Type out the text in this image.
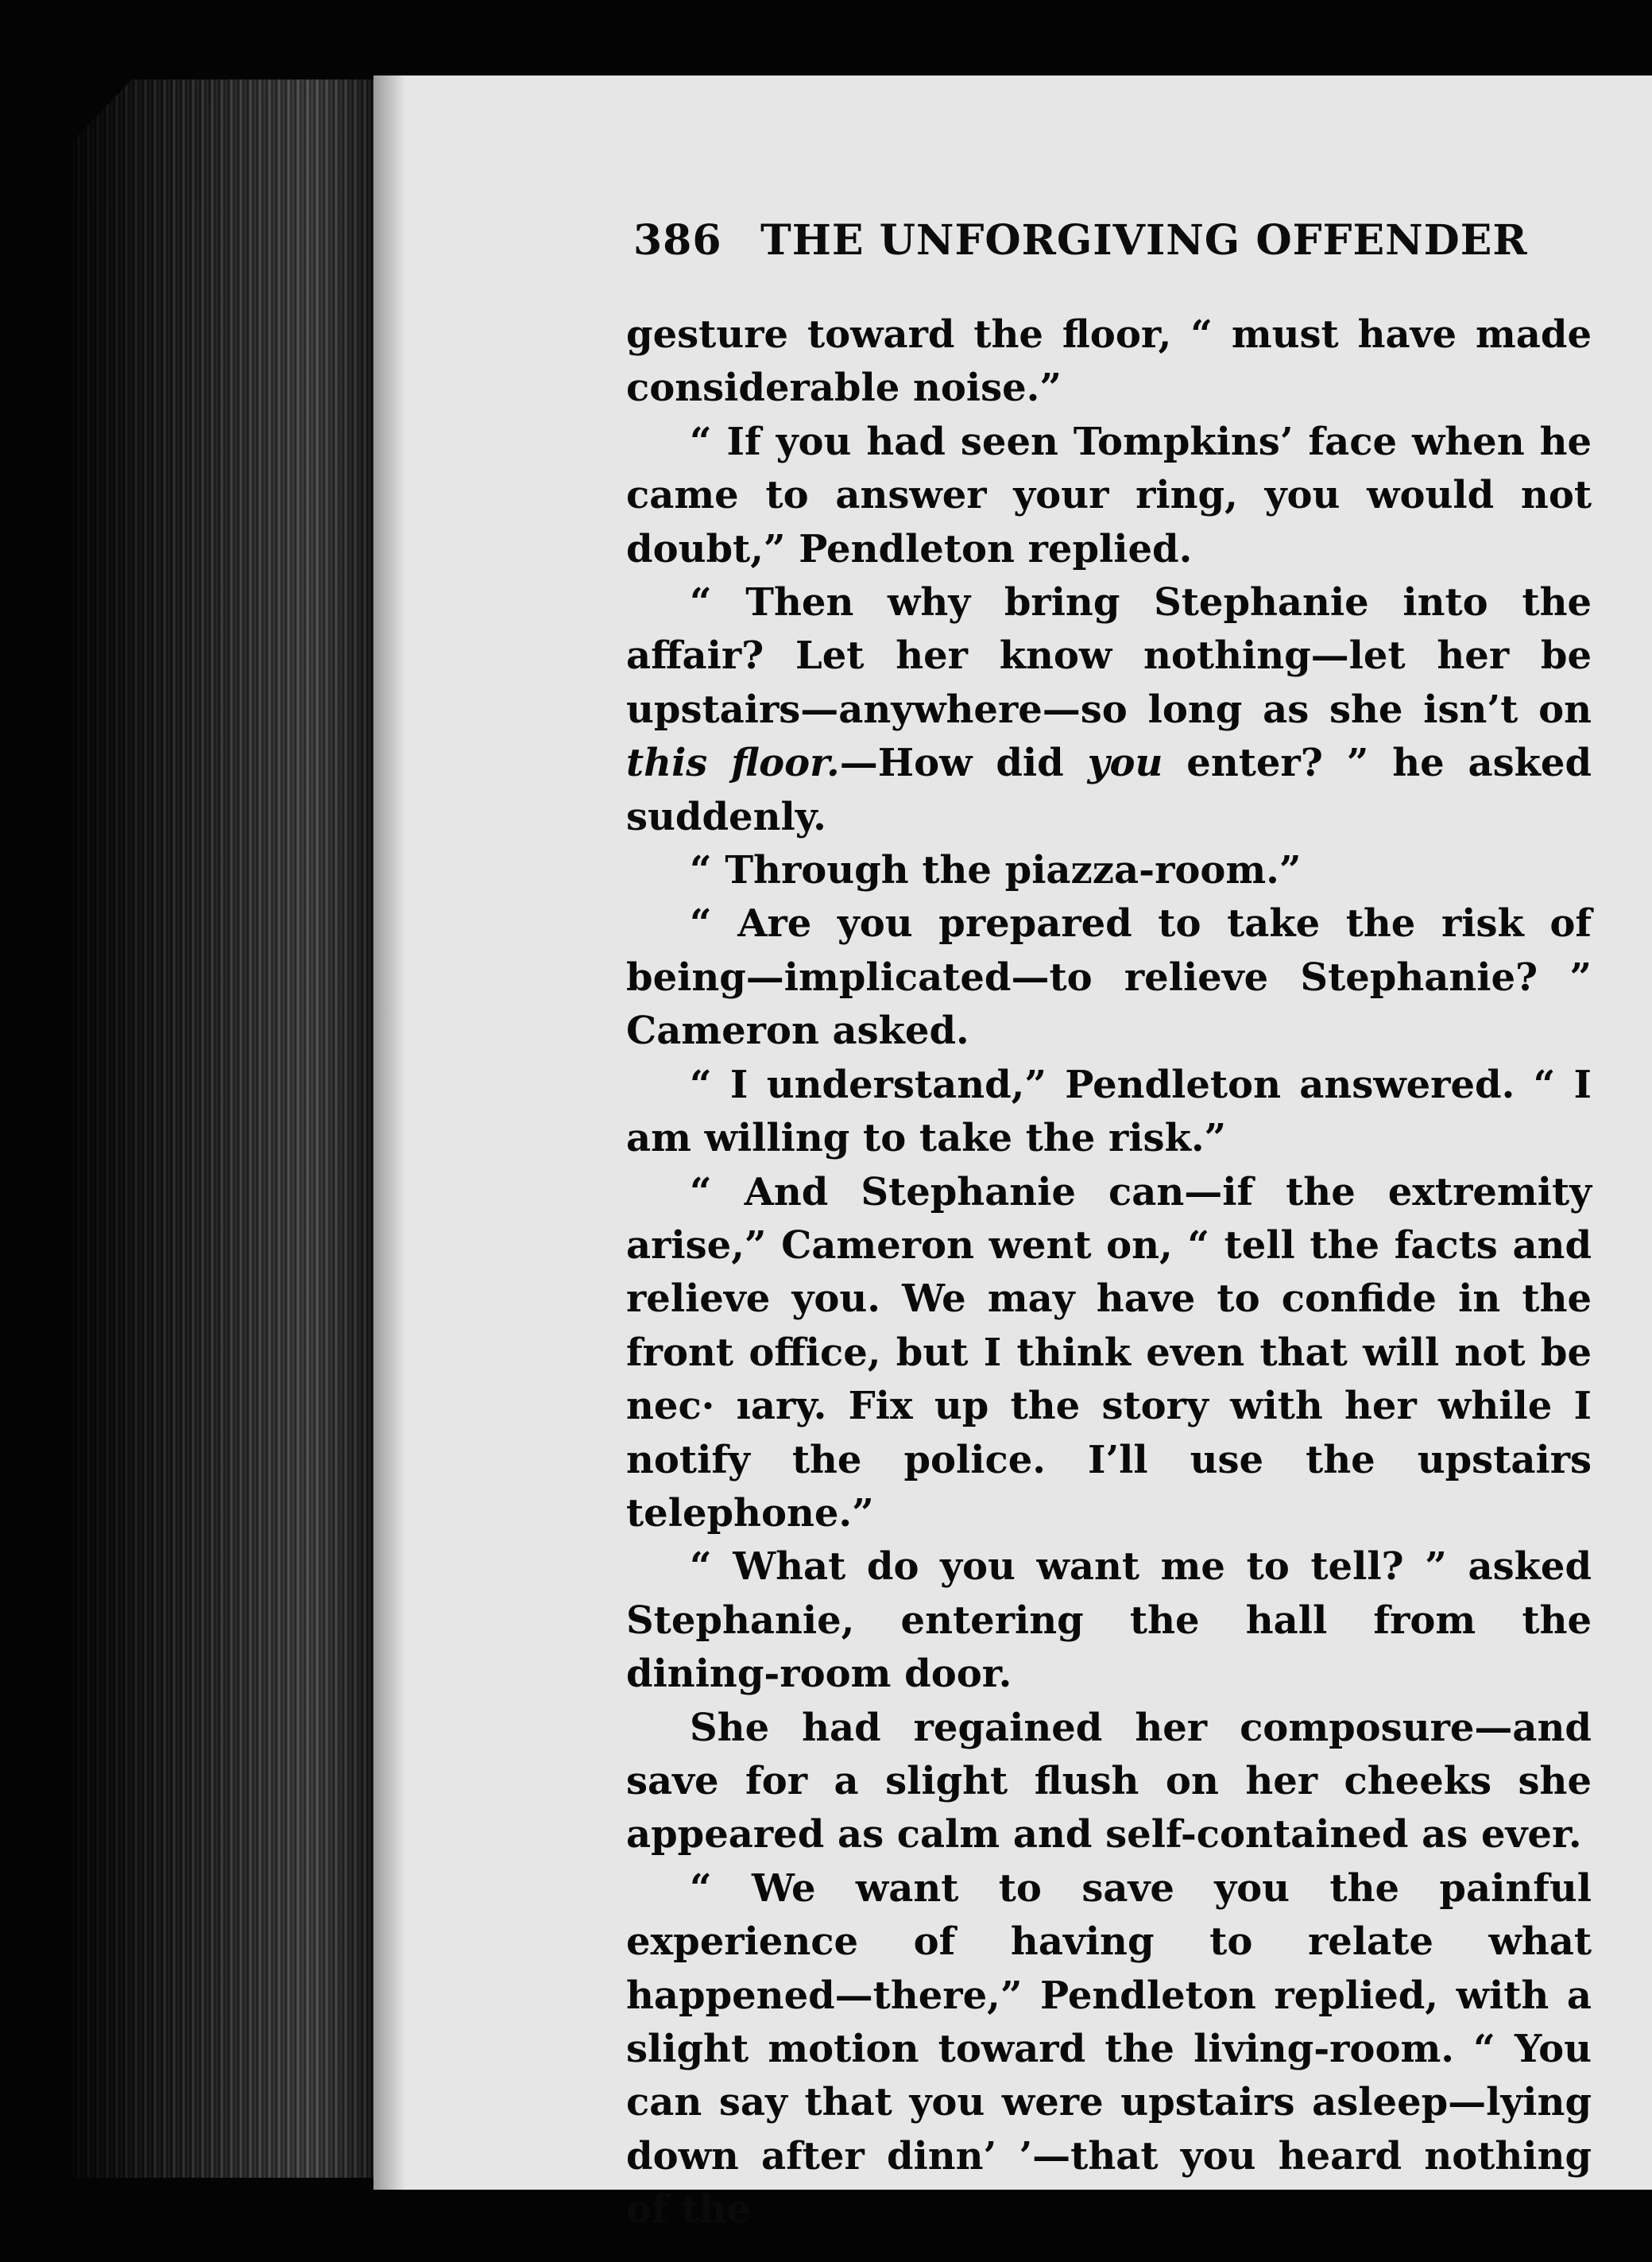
386 THE UNFORGIVING OFFENDER

gesture toward the floor, “ must have made considerable noise.”

“ If you had seen Tompkins’ face when he came to answer your ring, you would not doubt,” Pendleton replied.

“ Then why bring Stephanie into the affair? Let her know nothing—let her be upstairs—anywhere—so long as she isn’t on this floor.—How did you enter? ” he asked suddenly.

“ Through the piazza-room.”

“ Are you prepared to take the risk of being—implicated—to relieve Stephanie? ” Cameron asked.

“ I understand,” Pendleton answered. “ I am willing to take the risk.”

“ And Stephanie can—if the extremity arise,” Cameron went on, “ tell the facts and relieve you. We may have to confide in the front office, but I think even that will not be nec· ıary. Fix up the story with her while I notify the police. I’ll use the upstairs telephone.”

“ What do you want me to tell? ” asked Stephanie, entering the hall from the dining-room door.

She had regained her composure—and save for a slight flush on her cheeks she appeared as calm and self-contained as ever.

“ We want to save you the painful experience of having to relate what happened—there,” Pendleton replied, with a slight motion toward the living-room. “ You can say that you were upstairs asleep—lying down after dinn’ ’—that you heard nothing of the
